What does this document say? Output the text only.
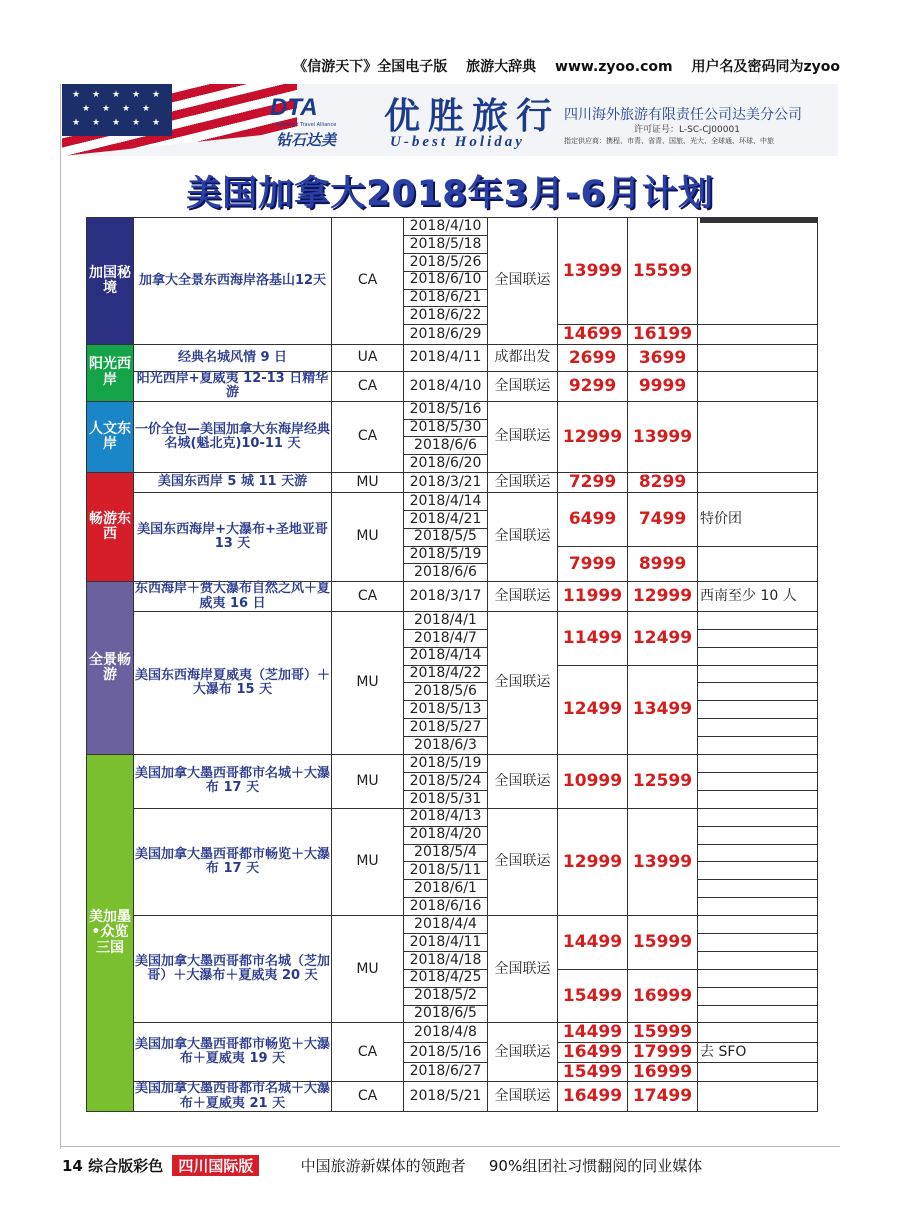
《信游天下》全国电子版 旅游大辞典 www.zyoo.com 用户名及密码同为zyoo
★ ★ ★ ★ ★
★ ★ ★ ★
★ ★ ★ ★ ★
DTA
Diamond Travel Alliance
钻石达美
优胜旅行
U-best Holiday
四川海外旅游有限责任公司达美分公司
许可证号：L-SC-CJ00001
指定供应商：携程、市青、省青、国旅、光大、全球通、环球、中旅
美国加拿大2018年3月-6月计划
加国秘境	加拿大全景东西海岸洛基山12天	CA	2018/4/10	全国联运	13999	15599	

			2018/5/18				
			2018/5/26				
			2018/6/10				
			2018/6/21				
			2018/6/22				
			2018/6/29		14699	16199	
阳光西岸	经典名城风情 9 日	UA	2018/4/11	成都出发	2699	3699	
	阳光西岸+夏威夷 12-13 日精华游	CA	2018/4/10	全国联运	9299	9999	
人文东岸	一价全包—美国加拿大东海岸经典名城(魁北克)10-11 天	CA	2018/5/16	全国联运	12999	13999	
			2018/5/30				
			2018/6/6				
			2018/6/20				
畅游东西	美国东西岸 5 城 11 天游	MU	2018/3/21	全国联运	7299	8299	
	美国东西海岸+大瀑布+圣地亚哥 13 天	MU	2018/4/14	全国联运	6499	7499	特价团
			2018/4/21				
			2018/5/5				
			2018/5/19		7999	8999	
			2018/6/6				
全景畅游	东西海岸＋赏大瀑布自然之风＋夏威夷 16 日	CA	2018/3/17	全国联运	11999	12999	西南至少 10 人
	美国东西海岸夏威夷（芝加哥）＋大瀑布 15 天	MU	2018/4/1	全国联运	11499	12499	
			2018/4/7				
			2018/4/14				
			2018/4/22		12499	13499	
			2018/5/6				
			2018/5/13				
			2018/5/27				
			2018/6/3				
美加墨•众览三国	美国加拿大墨西哥都市名城＋大瀑布 17 天	MU	2018/5/19	全国联运	10999	12599	
			2018/5/24				
			2018/5/31				
	美国加拿大墨西哥都市畅览＋大瀑布 17 天	MU	2018/4/13	全国联运	12999	13999	
			2018/4/20				
			2018/5/4				
			2018/5/11				
			2018/6/1				
			2018/6/16				
	美国加拿大墨西哥都市名城（芝加哥）＋大瀑布＋夏威夷 20 天	MU	2018/4/4	全国联运	14499	15999	
			2018/4/11				
			2018/4/18				
			2018/4/25		15499	16999	
			2018/5/2				
			2018/6/5				
	美国加拿大墨西哥都市畅览＋大瀑布＋夏威夷 19 天	CA	2018/4/8	全国联运	14499	15999	
			2018/5/16		16499	17999	去 SFO
			2018/6/27		15499	16999	
	美国加拿大墨西哥都市名城＋大瀑布＋夏威夷 21 天	CA	2018/5/21	全国联运	16499	17499	
14 综合版彩色 四川国际版	中国旅游新媒体的领跑者 90%组团社习惯翻阅的同业媒体
